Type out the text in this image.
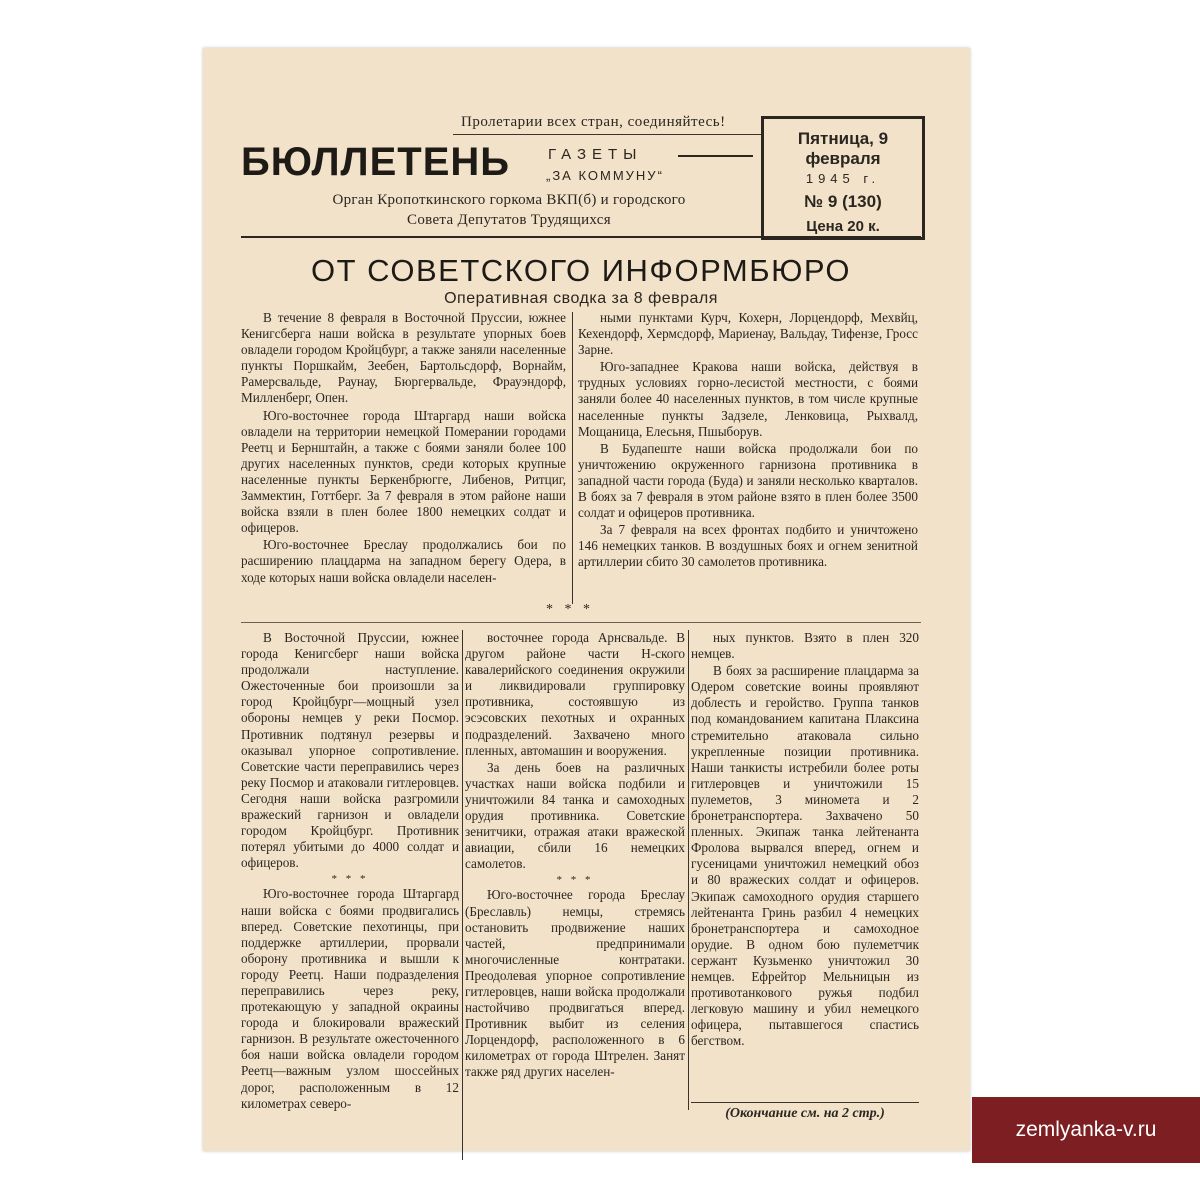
Пролетарии всех стран, соединяйтесь!
БЮЛЛЕТЕНЬ	ГАЗЕТЫ
„ЗА КОММУНУ“
Орган Кропоткинского горкома ВКП(б) и городского
Совета Депутатов Трудящихся
Пятница, 9 февраля
1945 г.
№ 9 (130)
Цена 20 к.
ОТ СОВЕТСКОГО ИНФОРМБЮРО
Оперативная сводка за 8 февраля

В течение 8 февраля в Восточной Пруссии, южнее Кенигсберга наши войска в результате упорных боев овладели городом Кройцбург, а также заняли населенные пункты Поршкайм, Зеебен, Бартольсдорф, Ворнайм, Рамерсвальде, Раунау, Бюргервальде, Фрауэндорф, Милленберг, Опен.

Юго-восточнее города Штаргард наши войска овладели на территории немецкой Померании городами Реетц и Бернштайн, а также с боями заняли более 100 других населенных пунктов, среди которых крупные населенные пункты Беркенбрюгге, Либенов, Ритциг, Заммектин, Готтберг. За 7 февраля в этом районе наши войска взяли в плен более 1800 немецких солдат и офицеров.

Юго-восточнее Бреслау продолжались бои по расширению плацдарма на западном берегу Одера, в ходе которых наши войска овладели населен-

ными пунктами Курч, Кохерн, Лорцендорф, Мехвйц, Кехендорф, Хермсдорф, Мариенау, Вальдау, Тифензе, Гросс Зарне.

Юго-западнее Кракова наши войска, действуя в трудных условиях горно-лесистой местности, с боями заняли более 40 населенных пунктов, в том числе крупные населенные пункты Задзеле, Ленковица, Рыхвалд, Мощаница, Елесьня, Пшыборув.

В Будапеште наши войска продолжали бои по уничтожению окруженного гарнизона противника в западной части города (Буда) и заняли несколько кварталов. В боях за 7 февраля в этом районе взято в плен более 3500 солдат и офицеров противника.

За 7 февраля на всех фронтах подбито и уничтожено 146 немецких танков. В воздушных боях и огнем зенитной артиллерии сбито 30 самолетов противника.

* * *

В Восточной Пруссии, южнее города Кенигсберг наши войска продолжали наступление. Ожесточенные бои произошли за город Кройцбург—мощный узел обороны немцев у реки Посмор. Противник подтянул резервы и оказывал упорное сопротивление. Советские части переправились через реку Посмор и атаковали гитлеровцев. Сегодня наши войска разгромили вражеский гарнизон и овладели городом Кройцбург. Противник потерял убитыми до 4000 солдат и офицеров.

* * *

Юго-восточнее города Штаргард наши войска с боями продвигались вперед. Советские пехотинцы, при поддержке артиллерии, прорвали оборону противника и вышли к городу Реетц. Наши подразделения переправились через реку, протекающую у западной окраины города и блокировали вражеский гарнизон. В результате ожесточенного боя наши войска овладели городом Реетц—важным узлом шоссейных дорог, расположенным в 12 километрах северо-

восточнее города Арнсвальде. В другом районе части Н-ского кавалерийского соединения окружили и ликвидировали группировку противника, состоявшую из эсэсовских пехотных и охранных подразделений. Захвачено много пленных, автомашин и вооружения.

За день боев на различных участках наши войска подбили и уничтожили 84 танка и самоходных орудия противника. Советские зенитчики, отражая атаки вражеской авиации, сбили 16 немецких самолетов.

* * *

Юго-восточнее города Бреслау (Бреславль) немцы, стремясь остановить продвижение наших частей, предпринимали многочисленные контратаки. Преодолевая упорное сопротивление гитлеровцев, наши войска продолжали настойчиво продвигаться вперед. Противник выбит из селения Лорцендорф, расположенного в 6 километрах от города Штрелен. Занят также ряд других населен-

ных пунктов. Взято в плен 320 немцев.

В боях за расширение плацдарма за Одером советские воины проявляют доблесть и геройство. Группа танков под командованием капитана Плаксина стремительно атаковала сильно укрепленные позиции противника. Наши танкисты истребили более роты гитлеровцев и уничтожили 15 пулеметов, 3 миномета и 2 бронетранспортера. Захвачено 50 пленных. Экипаж танка лейтенанта Фролова вырвался вперед, огнем и гусеницами уничтожил немецкий обоз и 80 вражеских солдат и офицеров. Экипаж самоходного орудия старшего лейтенанта Гринь разбил 4 немецких бронетранспортера и самоходное орудие. В одном бою пулеметчик сержант Кузьменко уничтожил 30 немцев. Ефрейтор Мельницын из противотанкового ружья подбил легковую машину и убил немецкого офицера, пытавшегося спастись бегством.

(Окончание см. на 2 стр.)
zemlyanka-v.ru
